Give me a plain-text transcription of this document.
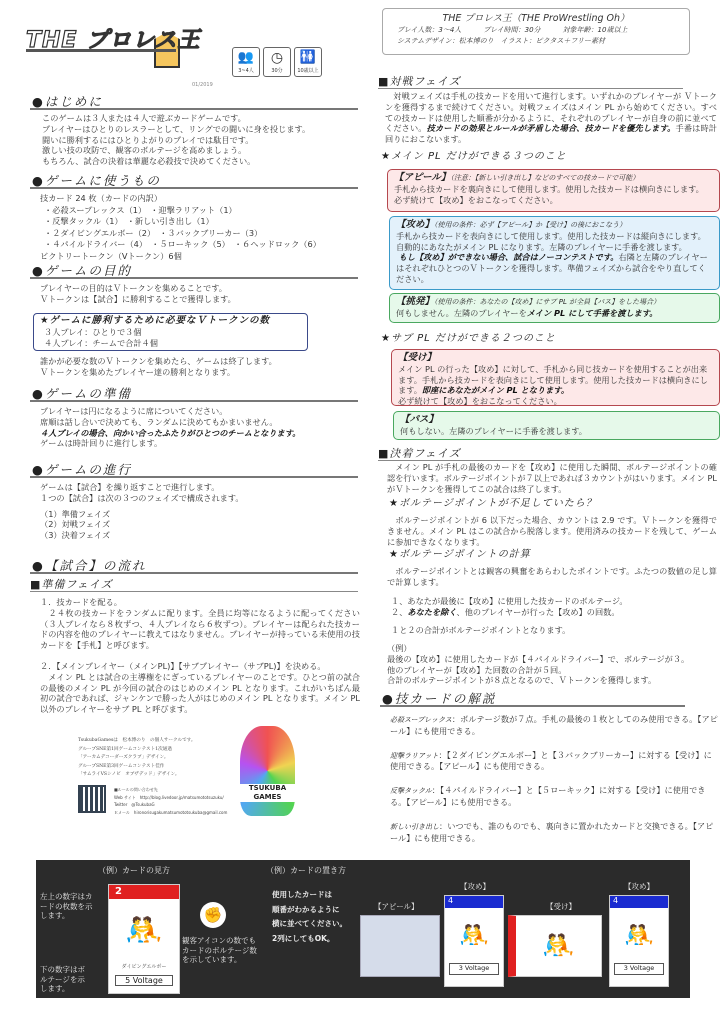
THE プロレス王
01/2019
👥
3~4人
◷
30分
🚻
10歳以上
THE プロレス王（THE ProWrestling Oh）
プレイ人数：3～4人	プレイ時間：30分	対象年齢：10歳以上
システムデザイン：松本博のり　イラスト：ピクタス＋フリー素材
●はじめに
このゲームは３人または４人で遊ぶカードゲームです。
プレイヤーはひとりのレスラーとして、リングでの闘いに身を投じます。
闘いに勝利するにはひとりよがりのプレイでは駄目です。
激しい技の攻防で、観客のボルテージを高めましょう。
もちろん、試合の決着は華麗な必殺技で決めてください。
●ゲームに使うもの
技カード 24 枚（カードの内訳）
・必殺スープレックス（1）　・迎撃ラリアット（1）
・反撃タックル（1）　・新しい引き出し（1）
・２ダイビングエルボー（2）　・３バックブリーカー（3）
・４パイルドライバー（4）　・５ローキック（5）　・６ヘッドロック（6）
ビクトリートークン（Vトークン）6個
●ゲームの目的
プレイヤーの目的はＶトークンを集めることです。
Ｖトークンは【試合】に勝利することで獲得します。
★ゲームに勝利するために必要なＶトークンの数
３人プレイ：ひとりで３個
４人プレイ：チームで合計４個
誰かが必要な数のＶトークンを集めたら、ゲームは終了します。
Ｖトークンを集めたプレイヤー達の勝利となります。
●ゲームの準備
プレイヤーは円になるように席についてください。
席順は話し合いで決めても、ランダムに決めてもかまいません。
４人プレイの場合、向かい合ったふたりがひとつのチームとなります。
ゲームは時計回りに進行します。
●ゲームの進行
ゲームは【試合】を繰り返すことで進行します。
１つの【試合】は次の３つのフェイズで構成されます。
（1）準備フェイズ
（2）対戦フェイズ
（3）決着フェイズ
●【試合】の流れ
■準備フェイズ
１．技カードを配る。
　２４枚の技カードをランダムに配ります。全員に均等になるように配ってください（３人プレイなら８枚ずつ、４人プレイなら６枚ずつ）。プレイヤーは配られた技カードの内容を他のプレイヤーに教えてはなりません。プレイヤーが持っている未使用の技カードを【手札】と呼びます。
２．【メインプレイヤー（メインPL)】【サブプレイヤー（サブPL)】を決める。
　メイン PL とは試合の主導権をにぎっているプレイヤーのことです。ひとつ前の試合の最後のメイン PL が今回の試合のはじめのメイン PL となります。これがいちばん最初の試合であれば、ジャンケンで勝った人がはじめのメイン PL となります。メイン PL 以外のプレイヤーをサブ PL と呼びます。
TsukubaGamesは　松本博のり　の個人サークルです。
グループSNE第1回ゲームコンテスト1次通過
「アーカムデコーダーズクラブ」デザイン。
グループSNE第3回ゲームコンテスト佳作
「サムライVSシノビ　オブザデッド」デザイン。
■ルールの問い合わせ先
Web サイト　http://blog.livedoor.jp/matsumototsuzuku/
Twitter　@TsukubaG
Ｅメール　hironorisugakumatsumototsukuba@gmail.com
TSUKUBA GAMES
■対戦フェイズ
　対戦フェイズは手札の技カードを用いて進行します。いずれかのプレイヤーが Ｖトークンを獲得するまで続けてください。対戦フェイズはメイン PL から始めてください。すべての技カードは使用した順番が分かるように、それぞれのプレイヤーが自身の前に並べてください。技カードの効果とルールが矛盾した場合、技カードを優先します。手番は時計回りにおこないます。
★メイン PL だけができる３つのこと
【アピール】（注意：【新しい引き出し】などのすべての技カードで可能）
手札から技カードを裏向きにして使用します。使用した技カードは横向きにします。
必ず続けて【攻め】をおこなってください。
【攻め】（使用の条件：必ず【アピール】か【受け】の後におこなう）
手札から技カードを表向きにして使用します。使用した技カードは縦向きにします。
自動的にあなたがメイン PL になります。左隣のプレイヤーに手番を渡します。
もし【攻め】ができない場合、試合はノーコンテストです。右隣と左隣のプレイヤーはそれぞれひとつのＶトークンを獲得します。準備フェイズから試合をやり直してください。
【挑発】（使用の条件：あなたの【攻め】にサブ PL が全員【パス】をした場合）
何もしません。左隣のプレイヤーをメイン PL にして手番を渡します。
★サブ PL だけができる２つのこと
【受け】
メイン PL の行った【攻め】に対して、手札から同じ技カードを使用することが出来ます。手札から技カードを表向きにして使用します。使用した技カードは横向きにします。即座にあなたがメイン PL となります。
必ず続けて【攻め】をおこなってください。
【パス】
何もしない。左隣のプレイヤーに手番を渡します。
■決着フェイズ
　メイン PL が手札の最後のカードを【攻め】に使用した瞬間、ボルテージポイントの確認を行います。ボルテージポイントが７以上であれば３カウントがはいります。メイン PL がＶトークンを獲得してこの試合は終了します。
★ボルテージポイントが不足していたら？
　ボルテージポイントが 6 以下だった場合、カウントは 2.9 です。Ｖトークンを獲得できません。メイン PL はこの試合から脱落します。使用済みの技カードを残して、ゲームに参加できなくなります。
★ボルテージポイントの計算
　ボルテージポイントとは観客の興奮をあらわしたポイントです。ふたつの数値の足し算で計算します。
１、あなたが最後に【攻め】に使用した技カードのボルテージ。
２、あなたを除く、他のプレイヤーが行った【攻め】の回数。
１と２の合計がボルテージポイントとなります。
（例）
最後の【攻め】に使用したカードが【４パイルドライバー】で、ボルテージが３。
他のプレイヤーが【攻め】た回数の合計が５回。
合計のボルテージポイントが８点となるので、Ｖトークンを獲得します。
●技カードの解説
必殺スープレックス：ボルテージ数が７点。手札の最後の１枚としてのみ使用できる。【アピール】にも使用できる。
迎撃ラリアット：【２ダイビングエルボー】と【３バックブリーカー】に対する【受け】に使用できる。【アピール】にも使用できる。
反撃タックル：【４パイルドライバー】と【５ローキック】に対する【受け】に使用できる。【アピール】にも使用できる。
新しい引き出し：いつでも、誰のものでも、裏向きに置かれたカードと交換できる。【アピール】にも使用できる。
（例）カードの見方
左上の数字はカードの枚数を示します。
下の数字はボルテージを示します。
2
🤼
ダイビングエルボー
5 Voltage
✊
観客アイコンの数でもカードのボルテージ数を示しています。
（例）カードの置き方
使用したカードは
順番がわかるように
横に並べてください。
2列にしてもOK。
【アピール】
【攻め】
4
🤼
3 Voltage
【受け】
🤼
【攻め】
4
🤼
3 Voltage
